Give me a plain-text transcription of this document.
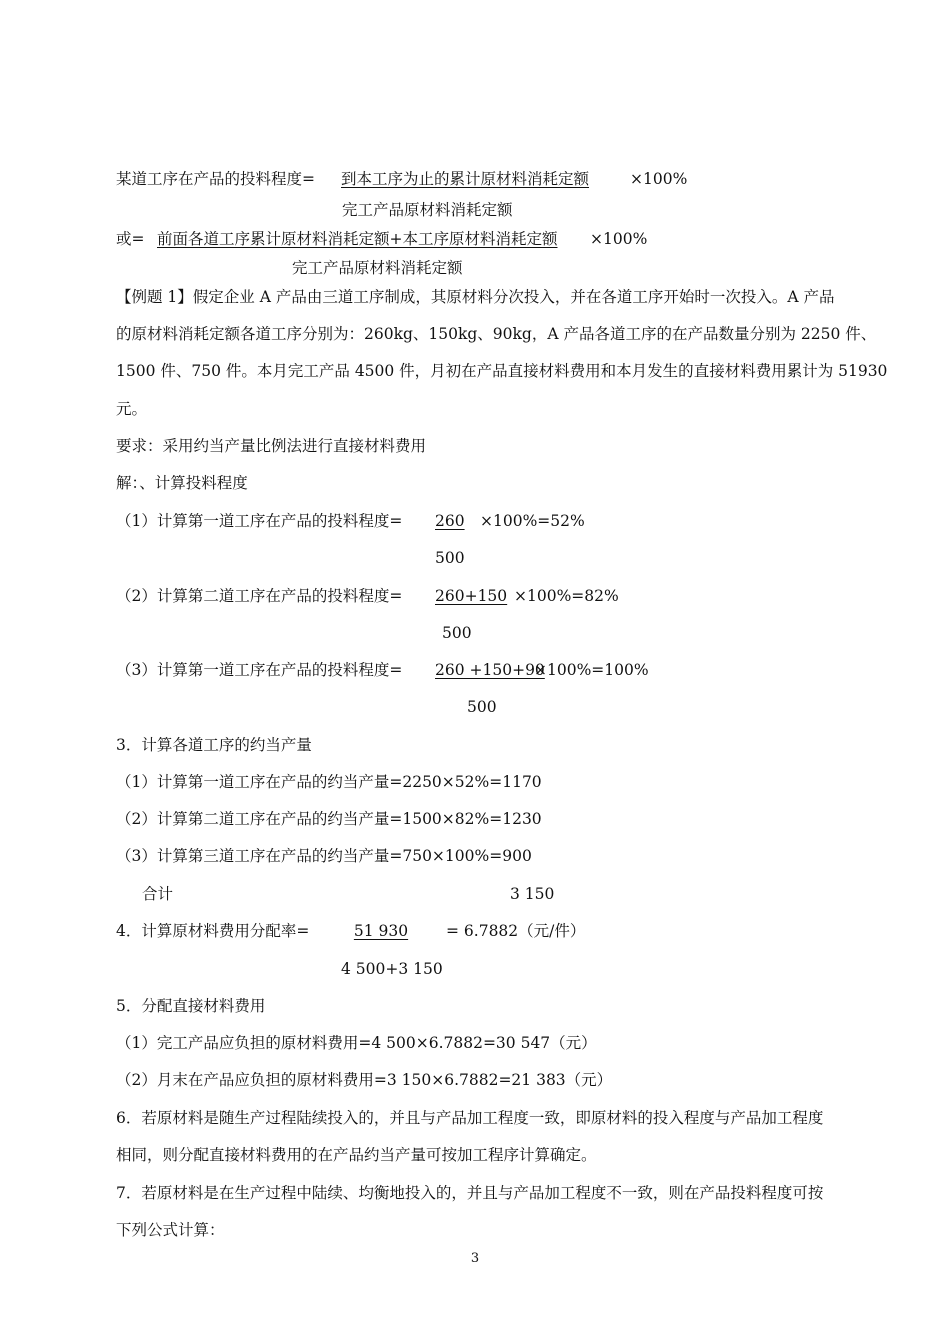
某道工序在产品的投料程度= 到本工序为止的累计原材料消耗定额	×100%
完工产品原材料消耗定额
或= 前面各道工序累计原材料消耗定额+本工序原材料消耗定额 ×100%
完工产品原材料消耗定额
【例题 1】假定企业 A 产品由三道工序制成，其原材料分次投入，并在各道工序开始时一次投入。A 产品
的原材料消耗定额各道工序分别为：260kg、150kg、90kg，A 产品各道工序的在产品数量分别为 2250 件、
1500 件、750 件。本月完工产品 4500 件，月初在产品直接材料费用和本月发生的直接材料费用累计为 51930
元。
要求：采用约当产量比例法进行直接材料费用
解：、计算投料程度
（1）计算第一道工序在产品的投料程度= 260 ×100%=52%
500
（2）计算第二道工序在产品的投料程度= 260+150 ×100%=82%
500
（3）计算第一道工序在产品的投料程度= 260 +150+90
×100%=100%
500
3．计算各道工序的约当产量
（1）计算第一道工序在产品的约当产量=2250×52%=1170
（2）计算第二道工序在产品的约当产量=1500×82%=1230
（3）计算第三道工序在产品的约当产量=750×100%=900
合计	3 150
4．计算原材料费用分配率=	51 930	= 6.7882（元/件）
4 500+3 150
5．分配直接材料费用
（1）完工产品应负担的原材料费用=4 500×6.7882=30 547（元）
（2）月末在产品应负担的原材料费用=3 150×6.7882=21 383（元）
6．若原材料是随生产过程陆续投入的，并且与产品加工程度一致，即原材料的投入程度与产品加工程度
相同，则分配直接材料费用的在产品约当产量可按加工程序计算确定。
7．若原材料是在生产过程中陆续、均衡地投入的，并且与产品加工程度不一致，则在产品投料程度可按
下列公式计算：
3
